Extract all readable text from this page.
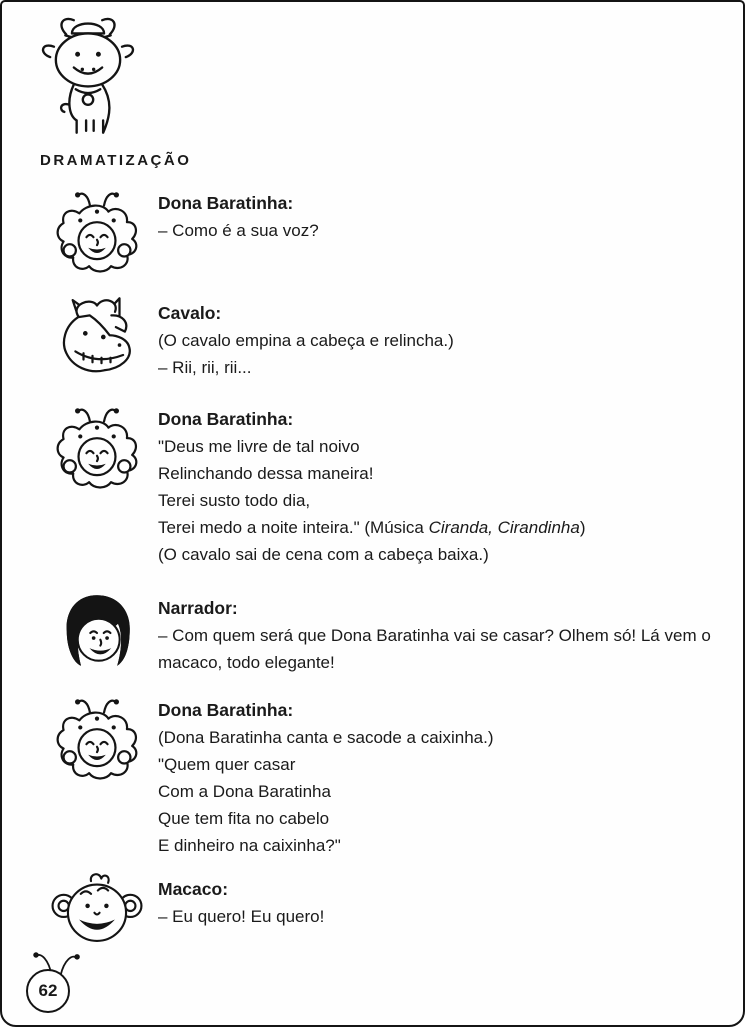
DRAMATIZAÇÃO
Dona Baratinha:
– Como é a sua voz?
Cavalo:
(O cavalo empina a cabeça e relincha.)
– Rii, rii, rii...
Dona Baratinha:
"Deus me livre de tal noivo
Relinchando dessa maneira!
Terei susto todo dia,
Terei medo a noite inteira." (Música Ciranda, Cirandinha)
(O cavalo sai de cena com a cabeça baixa.)
Narrador:
– Com quem será que Dona Baratinha vai se casar? Olhem só! Lá vem o macaco, todo elegante!
Dona Baratinha:
(Dona Baratinha canta e sacode a caixinha.)
"Quem quer casar
Com a Dona Baratinha
Que tem fita no cabelo
E dinheiro na caixinha?"
Macaco:
– Eu quero! Eu quero!
62
